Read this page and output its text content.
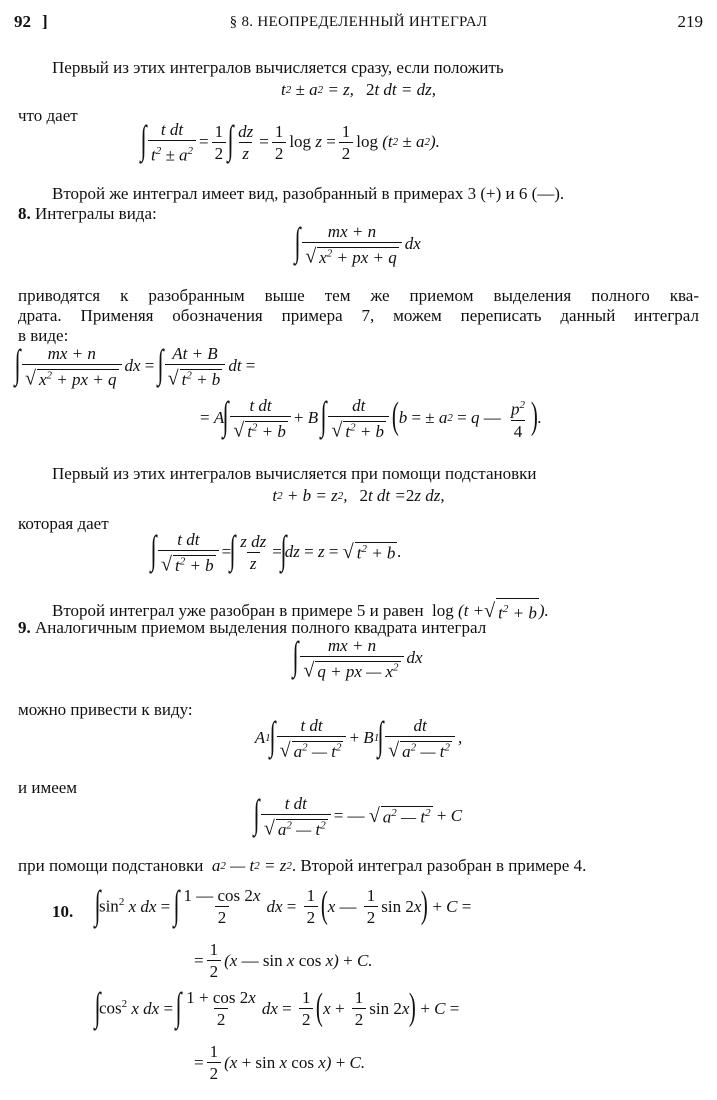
92 ]	§ 8. НЕОПРЕДЕЛЕННЫЙ ИНТЕГРАЛ	219
Первый из этих интегралов вычисляется сразу, если положить
t 2 ± a 2 = z, 2 t dt = dz,
что дает
∫ $\frac{\text{t dt}}{t^2 \pm a^2} = \frac{1}{2}$ ∫ $\frac{dz}{z} = \frac{1}{2}$ $\log z = \frac{1}{2}$ log (t 2 ± a 2 ).
Второй же интеграл имеет вид, разобранный в примерах 3 (+) и 6 (—).
8. Интегралы вида:
∫ $\frac{mx + n}{√ x^2 + px + q}$ dx
приводятся к разобранным выше тем же приемом выделения полного ква-
драта. Применяя обозначения примера 7, можем переписать данный интеграл
в виде:
∫ $\frac{mx + n}{√ x^2 + px + q}$ dx =
∫ $\frac{At + B}{√ t^2 + b}$ dt =
= A
∫ $\frac{\text{t dt}}{√ t^2 + b} + B$
∫ $\frac{dt}{√ t^2 + b}$ ( b = ± a 2 = q — $\frac{p^2}{4}$ ) .
Первый из этих интегралов вычисляется при помощи подстановки
t 2 + b = z 2 , 2 t dt = 2 z dz,
которая дает
∫ $\frac{\text{t dt}}{√ t^2 + b}$ =
∫ $\frac{\text{z dz}}{z}$ =
∫
dz = z = √ $t^2 + b$ .
Второй интеграл уже разобран в примере 5 и равен log (t + √ $t^2 + b$ ).
9. Аналогичным приемом выделения полного квадрата интеграл
∫ $\frac{mx + n}{√ q + px — x^2}$ dx
можно привести к виду:
A 1
∫ $\frac{\text{t dt}}{√ a^2 — t^2} + B$ 1
∫ $\frac{dt}{√ a^2 — t^2}$ ,
и имеем
∫ $\frac{\text{t dt}}{√ a^2 — t^2}$ = — √ $a^2$ — $t^2$
+ C
при помощи подстановки  a 2 — t 2 = z 2 . Второй интеграл разобран в примере 4.
10. ∫
$\sin^2 x$ dx =
∫ $\frac{1 — \cos 2x}{2}$ dx = $\frac{1}{2}$ ( x — $\frac{1}{2}$ sin 2 x ) + C =
= $\frac{1}{2} (x$ — sin x cos x) + C.
∫
$\cos^2 x$ dx =
∫ $\frac{1 + \cos 2x}{2}$ dx = $\frac{1}{2}$ ( $x + \frac{1}{2}$ sin 2 x ) + C =
= $\frac{1}{2} (x + \sin x$ cos x) + C.
